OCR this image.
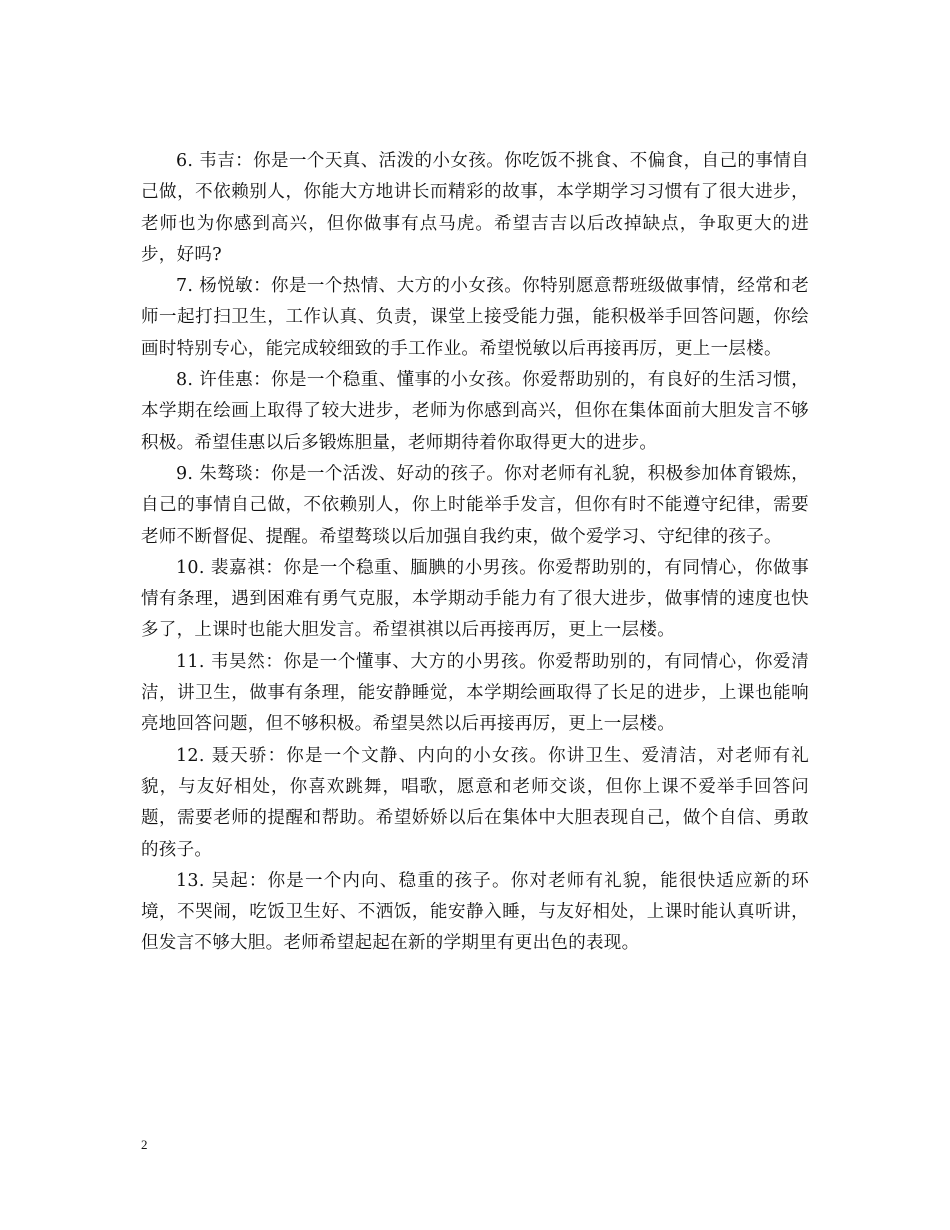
6. 韦吉：你是一个天真、活泼的小女孩。你吃饭不挑食、不偏食，自己的事情自己做，不依赖别人，你能大方地讲长而精彩的故事，本学期学习习惯有了很大进步，老师也为你感到高兴，但你做事有点马虎。希望吉吉以后改掉缺点，争取更大的进步，好吗?

7. 杨悦敏：你是一个热情、大方的小女孩。你特别愿意帮班级做事情，经常和老师一起打扫卫生，工作认真、负责，课堂上接受能力强，能积极举手回答问题，你绘画时特别专心，能完成较细致的手工作业。希望悦敏以后再接再厉，更上一层楼。

8. 许佳惠：你是一个稳重、懂事的小女孩。你爱帮助别的，有良好的生活习惯，本学期在绘画上取得了较大进步，老师为你感到高兴，但你在集体面前大胆发言不够积极。希望佳惠以后多锻炼胆量，老师期待着你取得更大的进步。

9. 朱骜琰：你是一个活泼、好动的孩子。你对老师有礼貌，积极参加体育锻炼，自己的事情自己做，不依赖别人，你上时能举手发言，但你有时不能遵守纪律，需要老师不断督促、提醒。希望骜琰以后加强自我约束，做个爱学习、守纪律的孩子。

10. 裴嘉祺：你是一个稳重、腼腆的小男孩。你爱帮助别的，有同情心，你做事情有条理，遇到困难有勇气克服，本学期动手能力有了很大进步，做事情的速度也快多了，上课时也能大胆发言。希望祺祺以后再接再厉，更上一层楼。

11. 韦昊然：你是一个懂事、大方的小男孩。你爱帮助别的，有同情心，你爱清洁，讲卫生，做事有条理，能安静睡觉，本学期绘画取得了长足的进步，上课也能响亮地回答问题，但不够积极。希望昊然以后再接再厉，更上一层楼。

12. 聂天骄：你是一个文静、内向的小女孩。你讲卫生、爱清洁，对老师有礼貌，与友好相处，你喜欢跳舞，唱歌，愿意和老师交谈，但你上课不爱举手回答问题，需要老师的提醒和帮助。希望娇娇以后在集体中大胆表现自己，做个自信、勇敢的孩子。

13. 吴起：你是一个内向、稳重的孩子。你对老师有礼貌，能很快适应新的环境，不哭闹，吃饭卫生好、不洒饭，能安静入睡，与友好相处，上课时能认真听讲，但发言不够大胆。老师希望起起在新的学期里有更出色的表现。

2
